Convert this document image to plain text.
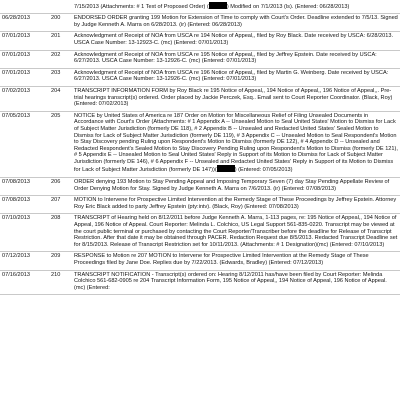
7/15/2013 (Attachments: # 1 Text of Proposed Order)	) Modified on 7/1/2013 (ls). (Entered: 06/28/2013)
06/28/2013	200 ENDORSED ORDER granting 199 Motion for Extension of Time to comply with Court's Order. Deadline extended to 7/5/13. Signed by Judge Kenneth A. Marra on 6/28/2013. (ir) (Entered: 06/28/2013)
07/01/2013	201 Acknowledgment of Receipt of NOA from USCA re 194 Notice of Appeal,, filed by Roy Black. Date received by USCA: 6/28/2013. USCA Case Number: 13-12923-C. (mc) (Entered: 07/01/2013)
07/01/2013	202 Acknowledgment of Receipt of NOA from USCA re 195 Notice of Appeal,, filed by Jeffrey Epstein. Date received by USCA: 6/27/2013. USCA Case Number: 13-12926-C. (mc) (Entered: 07/01/2013)
07/01/2013	203 Acknowledgment of Receipt of NOA from USCA re 196 Notice of Appeal,, filed by Martin G. Weinberg. Date received by USCA: 6/27/2013. USCA Case Number: 13-12926-C. (mc) (Entered: 07/01/2013)
07/02/2013	204 TRANSCRIPT INFORMATION FORM by Roy Black re 195 Notice of Appeal,, 194 Notice of Appeal,, 196 Notice of Appeal,,. Pre-trial hearings transcript(s) ordered. Order placed by Jackie Perczek, Esq.. Email sent to Court Reporter Coordinator. (Black, Roy) (Entered: 07/02/2013)
07/05/2013	205 NOTICE by United States of America re 187 Order on Motion for Miscellaneous Relief of Filing Unsealed Documents in Accordance with Court's Order (Attachments: # 1 Appendix A -- Unsealed Motion to Seal United States' Motion to Dismiss for Lack of Subject Matter Jurisdiction (formerly DE 118), # 2 Appendix B -- Unsealed and Redacted United States' Sealed Motion to Dismiss for Lack of Subject Matter Jurisdiction (formerly DE 119), # 3 Appendix C -- Unsealed Motion to Seal Respondent's Motion to Stay Discovery pending Ruling upon Respondent's Motion to Dismiss (formerly DE 122), # 4 Appendix D -- Unsealed and Redacted Respondent's Sealed Motion to Stay Discovery Pending Ruling upon Respondent's Motion to Dismiss (formerly DE 121), # 5 Appendix E -- Unsealed Motion to Seal United States' Reply in Support of its Motion to Dismiss for Lack of Subject Matter Jurisdiction (formerly DE 146), # 6 Appendix F -- Unsealed and Redacted United States' Reply in Support of its Motion to Dismiss for Lack of Subject Matter Jurisdiction (formerly DE 147))(	) (Entered: 07/05/2013)
07/08/2013	206 ORDER denying 193 Motion to Stay Pending Appeal and Imposing Temporary Seven (7) day Stay Pending Appellate Review of Order Denying Motion for Stay. Signed by Judge Kenneth A. Marra on 7/6/2013. (ir) (Entered: 07/08/2013)
07/08/2013	207 MOTION to Intervene for Prospective Limited Intervention at the Remedy Stage of These Proceedings by Jeffrey Epstein. Attorney Roy Eric Black added to party Jeffrey Epstein (pty:intv). (Black, Roy) (Entered: 07/08/2013)
07/10/2013	208 TRANSCRIPT of Hearing held on 8/12/2011 before Judge Kenneth A. Marra, 1-113 pages, re: 195 Notice of Appeal,, 194 Notice of Appeal, 196 Notice of Appeal. Court Reporter: Melinda L. Colchico, US Legal Support 561-835-0220. Transcript may be viewed at the court public terminal or purchased by contacting the Court Reporter/Transcriber before the deadline for Release of Transcript Restriction. After that date it may be obtained through PACER. Redaction Request due 8/5/2013. Redacted Transcript Deadline set for 8/15/2013. Release of Transcript Restriction set for 10/11/2013. (Attachments: # 1 Designation)(mc) (Entered: 07/10/2013)
07/12/2013	209 RESPONSE to Motion re 207 MOTION to Intervene for Prospective Limited Intervention at the Remedy Stage of These Proceedings filed by Jane Doe. Replies due by 7/22/2013. (Edwards, Bradley) (Entered: 07/12/2013)
07/16/2013	210 TRANSCRIPT NOTIFICATION - Transcript(s) ordered on: Hearing 8/12/2011 has/have been filed by Court Reporter: Melinda Colchico 561-682-0905 re 204 Transcript Information Form, 195 Notice of Appeal,, 194 Notice of Appeal, 196 Notice of Appeal. (mc) (Entered:
